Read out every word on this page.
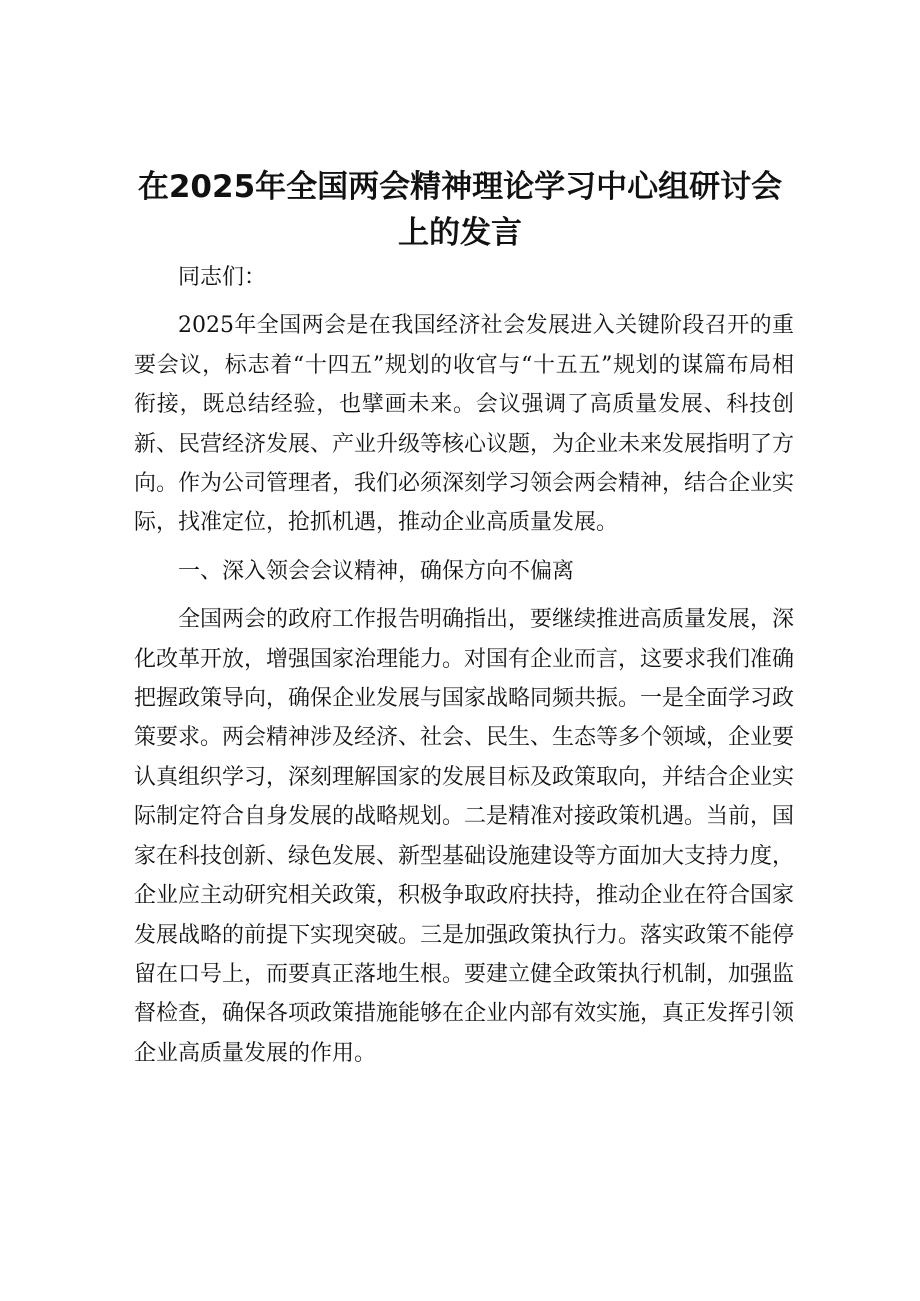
在2025年全国两会精神理论学习中心组研讨会
上的发言

同志们：

2025年全国两会是在我国经济社会发展进入关键阶段召开的重要会议，标志着“十四五”规划的收官与“十五五”规划的谋篇布局相衔接，既总结经验，也擘画未来。会议强调了高质量发展、科技创新、民营经济发展、产业升级等核心议题，为企业未来发展指明了方向。作为公司管理者，我们必须深刻学习领会两会精神，结合企业实际，找准定位，抢抓机遇，推动企业高质量发展。

一、深入领会会议精神，确保方向不偏离

全国两会的政府工作报告明确指出，要继续推进高质量发展，深化改革开放，增强国家治理能力。对国有企业而言，这要求我们准确把握政策导向，确保企业发展与国家战略同频共振。一是全面学习政策要求。两会精神涉及经济、社会、民生、生态等多个领域，企业要认真组织学习，深刻理解国家的发展目标及政策取向，并结合企业实际制定符合自身发展的战略规划。二是精准对接政策机遇。当前，国家在科技创新、绿色发展、新型基础设施建设等方面加大支持力度，企业应主动研究相关政策，积极争取政府扶持，推动企业在符合国家发展战略的前提下实现突破。三是加强政策执行力。落实政策不能停留在口号上，而要真正落地生根。要建立健全政策执行机制，加强监督检查，确保各项政策措施能够在企业内部有效实施，真正发挥引领企业高质量发展的作用。
